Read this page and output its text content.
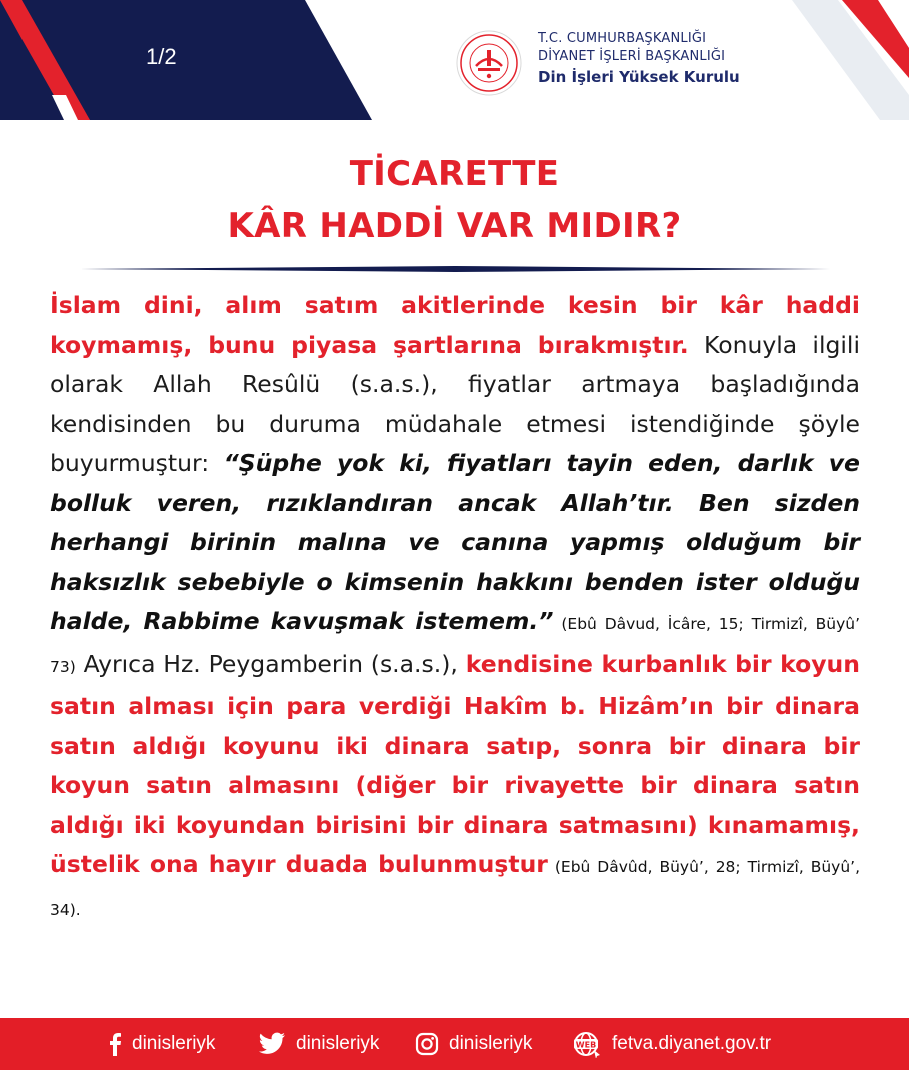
1/2
T.C. CUMHURBAŞKANLIĞI
DİYANET İŞLERİ BAŞKANLIĞI
Din İşleri Yüksek Kurulu
TİCARETTE
KÂR HADDİ VAR MIDIR?
İslam dini, alım satım akitlerinde kesin bir kâr haddi koymamış, bunu piyasa şartlarına bırakmıştır. Konuyla ilgili olarak Allah Resûlü (s.a.s.), fiyatlar artmaya başladığında kendisinden bu duruma müdahale etmesi istendiğinde şöyle buyurmuştur: “Şüphe yok ki, fiyatları tayin eden, darlık ve bolluk veren, rızıklandıran ancak Allah’tır. Ben sizden herhangi birinin malına ve canına yapmış olduğum bir haksızlık sebebiyle o kimsenin hakkını benden ister olduğu halde, Rabbime kavuşmak istemem.” (Ebû Dâvud, İcâre, 15; Tirmizî, Büyû’ 73) Ayrıca Hz. Peygamberin (s.a.s.), kendisine kurbanlık bir koyun satın alması için para verdiği Hakîm b. Hizâm’ın bir dinara satın aldığı koyunu iki dinara satıp, sonra bir dinara bir koyun satın almasını (diğer bir rivayette bir dinara satın aldığı iki koyundan birisini bir dinara satmasını) kınamamış, üstelik ona hayır duada bulunmuştur (Ebû Dâvûd, Büyû’, 28; Tirmizî, Büyû’, 34).
dinisleriyk	dinisleriyk	dinisleriyk	WEB fetva.diyanet.gov.tr
